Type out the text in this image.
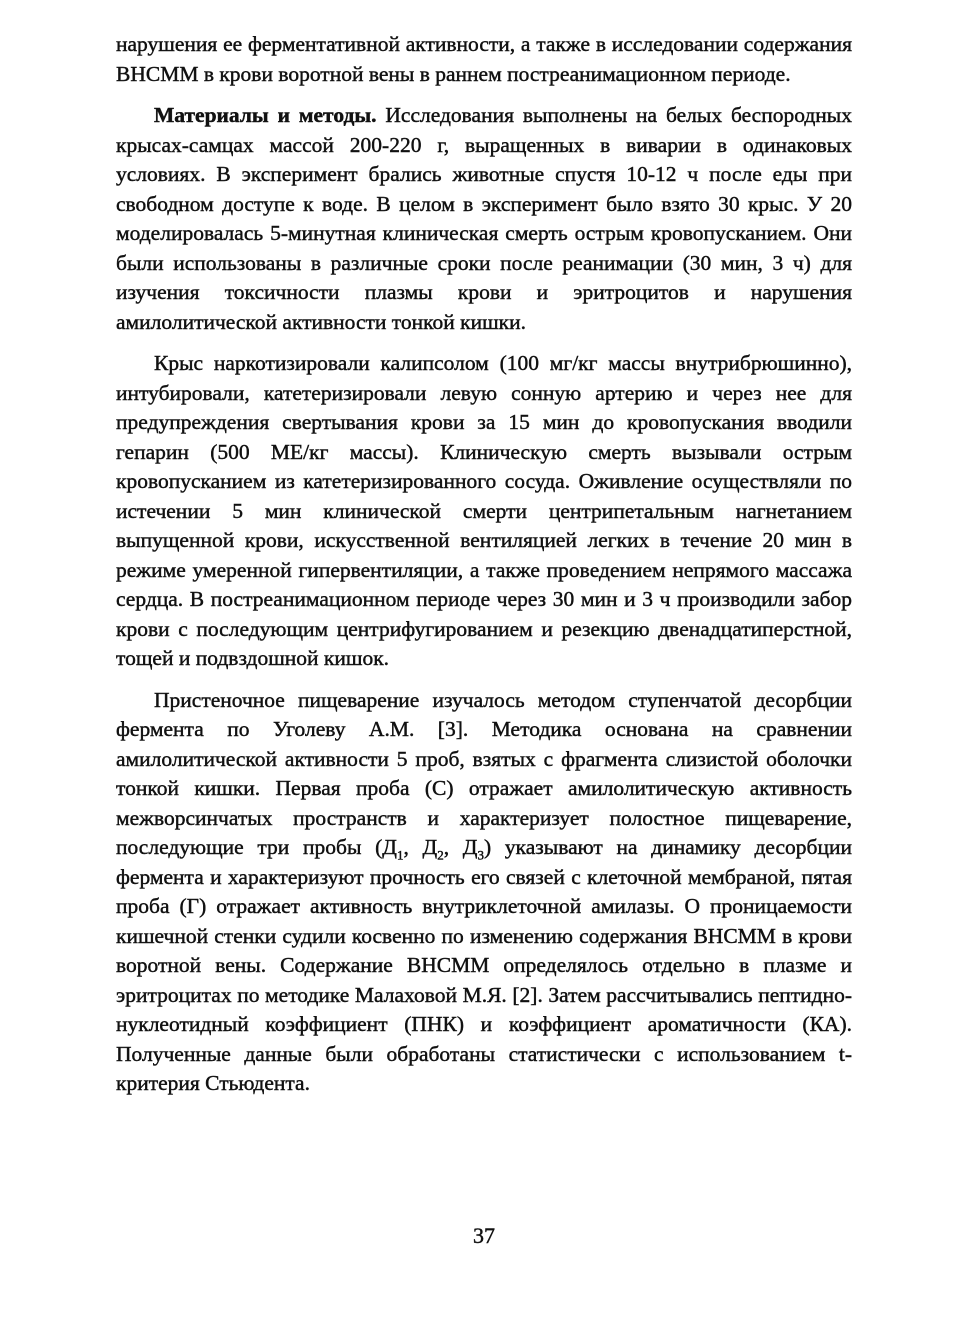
нарушения ее ферментативной активности, а также в исследовании содержания ВНСММ в крови воротной вены в раннем постреанимационном периоде.

Материалы и методы. Исследования выполнены на белых беспородных крысах-самцах массой 200-220 г, выращенных в виварии в одинаковых условиях. В эксперимент брались животные спустя 10-12 ч после еды при свободном доступе к воде. В целом в эксперимент было взято 30 крыс. У 20 моделировалась 5-минутная клиническая смерть острым кровопусканием. Они были использованы в различные сроки после реанимации (30 мин, 3 ч) для изучения токсичности плазмы крови и эритроцитов и нарушения амилолитической активности тонкой кишки.

Крыс наркотизировали калипсолом (100 мг/кг массы внутрибрюшинно), интубировали, катетеризировали левую сонную артерию и через нее для предупреждения свертывания крови за 15 мин до кровопускания вводили гепарин (500 МЕ/кг массы). Клиническую смерть вызывали острым кровопусканием из катетеризированного сосуда. Оживление осуществляли по истечении 5 мин клинической смерти центрипетальным нагнетанием выпущенной крови, искусственной вентиляцией легких в течение 20 мин в режиме умеренной гипервентиляции, а также проведением непрямого массажа сердца. В постреанимационном периоде через 30 мин и 3 ч производили забор крови с последующим центрифугированием и резекцию двенадцатиперстной, тощей и подвздошной кишок.

Пристеночное пищеварение изучалось методом ступенчатой десорбции фермента по Уголеву А.М. [3]. Методика основана на сравнении амилолитической активности 5 проб, взятых с фрагмента слизистой оболочки тонкой кишки. Первая проба (С) отражает амилолитическую активность межворсинчатых пространств и характеризует полостное пищеварение, последующие три пробы ($Д_1$, $Д_2$, $Д_3$) указывают на динамику десорбции фермента и характеризуют прочность его связей с клеточной мембраной, пятая проба (Г) отражает активность внутриклеточной амилазы. О проницаемости кишечной стенки судили косвенно по изменению содержания ВНСММ в крови воротной вены. Содержание ВНСММ определялось отдельно в плазме и эритроцитах по методике Малаховой М.Я. [2]. Затем рассчитывались пептидно-нуклеотидный коэффициент (ПНК) и коэффициент ароматичности (КА). Полученные данные были обработаны статистически с использованием t-критерия Стьюдента.

37
